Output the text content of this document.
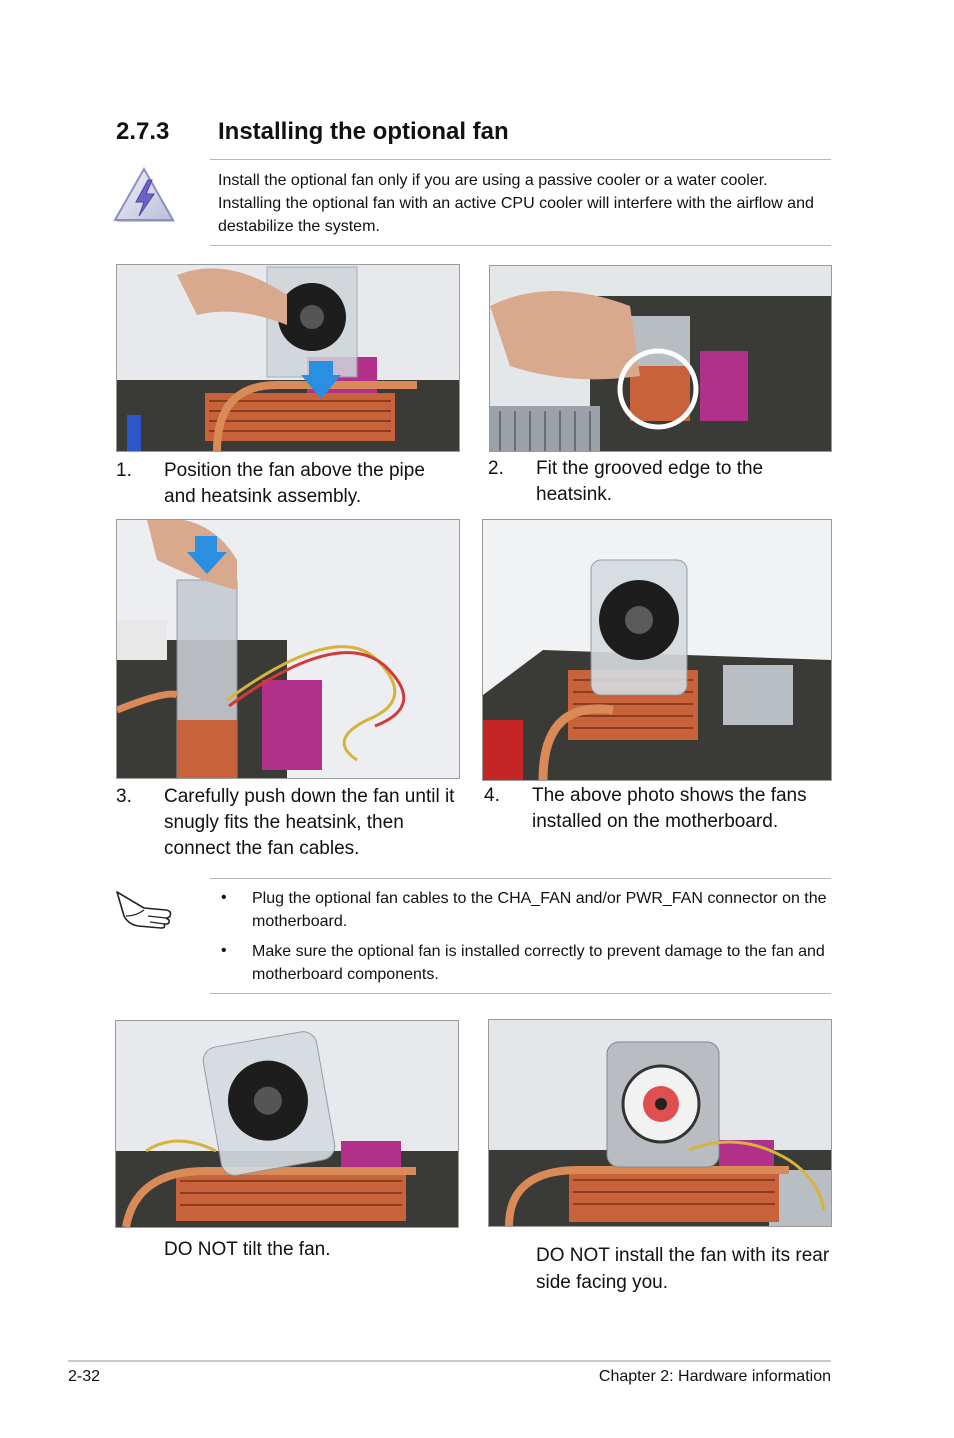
2.7.3 Installing the optional fan
Install the optional fan only if you are using a passive cooler or a water cooler. Installing the optional fan with an active CPU cooler will interfere with the airflow and destabilize the system.
1. Position the fan above the pipe and heatsink assembly.
2. Fit the grooved edge to the heatsink.
3. Carefully push down the fan until it snugly fits the heatsink, then connect the fan cables.
4. The above photo shows the fans installed on the motherboard.
• Plug the optional fan cables to the CHA_FAN and/or PWR_FAN connector on the motherboard.
• Make sure the optional fan is installed correctly to prevent damage to the fan and motherboard components.
DO NOT tilt the fan.	DO NOT install the fan with its rear side facing you.
2-32	Chapter 2: Hardware information
